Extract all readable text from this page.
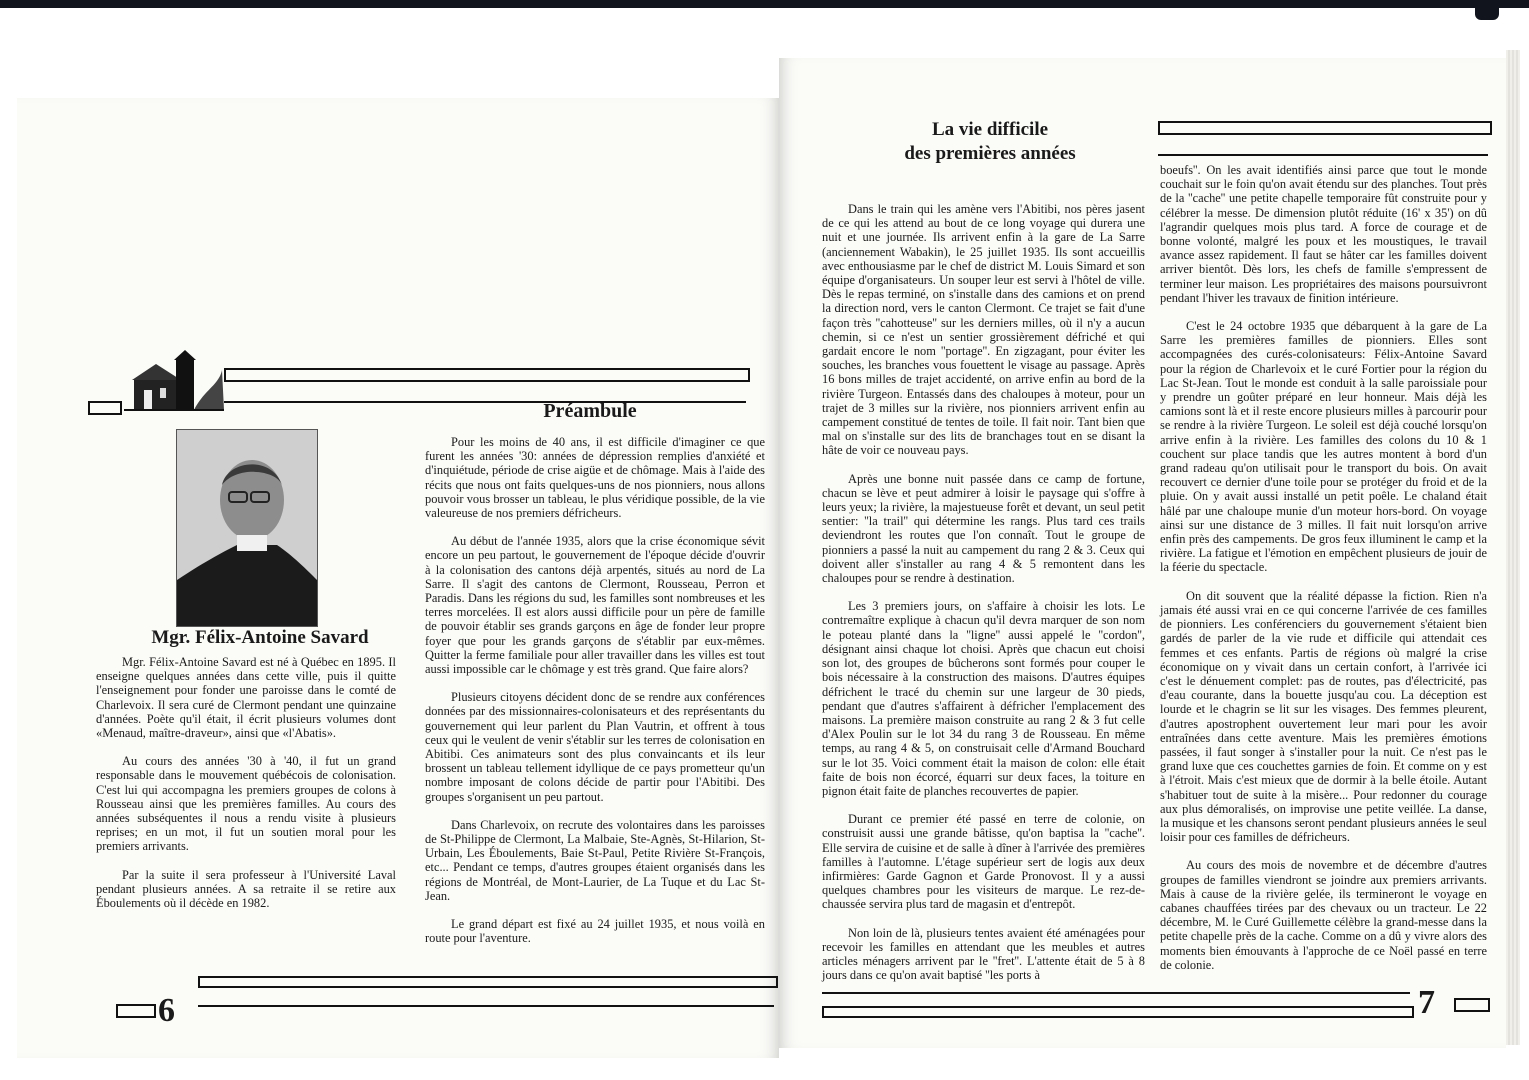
Mgr. Félix-Antoine Savard

Mgr. Félix-Antoine Savard est né à Québec en 1895. Il enseigne quelques années dans cette ville, puis il quitte l'enseignement pour fonder une paroisse dans le comté de Charlevoix. Il sera curé de Clermont pendant une quinzaine d'années. Poète qu'il était, il écrit plusieurs volumes dont «Menaud, maître-draveur», ainsi que «l'Abatis».

Au cours des années '30 à '40, il fut un grand responsable dans le mouvement québécois de colonisation. C'est lui qui accompagna les premiers groupes de colons à Rousseau ainsi que les premières familles. Au cours des années subséquentes il nous a rendu visite à plusieurs reprises; en un mot, il fut un soutien moral pour les premiers arrivants.

Par la suite il sera professeur à l'Université Laval pendant plusieurs années. A sa retraite il se retire aux Éboulements où il décède en 1982.

Préambule

Pour les moins de 40 ans, il est difficile d'imaginer ce que furent les années '30: années de dépression remplies d'anxiété et d'inquiétude, période de crise aigüe et de chômage. Mais à l'aide des récits que nous ont faits quelques-uns de nos pionniers, nous allons pouvoir vous brosser un tableau, le plus véridique possible, de la vie valeureuse de nos premiers défricheurs.

Au début de l'année 1935, alors que la crise économique sévit encore un peu partout, le gouvernement de l'époque décide d'ouvrir à la colonisation des cantons déjà arpentés, situés au nord de La Sarre. Il s'agit des cantons de Clermont, Rousseau, Perron et Paradis. Dans les régions du sud, les familles sont nombreuses et les terres morcelées. Il est alors aussi difficile pour un père de famille de pouvoir établir ses grands garçons en âge de fonder leur propre foyer que pour les grands garçons de s'établir par eux-mêmes. Quitter la ferme familiale pour aller travailler dans les villes est tout aussi impossible car le chômage y est très grand. Que faire alors?

Plusieurs citoyens décident donc de se rendre aux conférences données par des missionnaires-colonisateurs et des représentants du gouvernement qui leur parlent du Plan Vautrin, et offrent à tous ceux qui le veulent de venir s'établir sur les terres de colonisation en Abitibi. Ces animateurs sont des plus convaincants et ils leur brossent un tableau tellement idyllique de ce pays prometteur qu'un nombre imposant de colons décide de partir pour l'Abitibi. Des groupes s'organisent un peu partout.

Dans Charlevoix, on recrute des volontaires dans les paroisses de St-Philippe de Clermont, La Malbaie, Ste-Agnès, St-Hilarion, St-Urbain, Les Éboulements, Baie St-Paul, Petite Rivière St-François, etc... Pendant ce temps, d'autres groupes étaient organisés dans les régions de Montréal, de Mont-Laurier, de La Tuque et du Lac St-Jean.

Le grand départ est fixé au 24 juillet 1935, et nous voilà en route pour l'aventure.

6
La vie difficile
des premières années

Dans le train qui les amène vers l'Abitibi, nos pères jasent de ce qui les attend au bout de ce long voyage qui durera une nuit et une journée. Ils arrivent enfin à la gare de La Sarre (anciennement Wabakin), le 25 juillet 1935. Ils sont accueillis avec enthousiasme par le chef de district M. Louis Simard et son équipe d'organisateurs. Un souper leur est servi à l'hôtel de ville. Dès le repas terminé, on s'installe dans des camions et on prend la direction nord, vers le canton Clermont. Ce trajet se fait d'une façon très ''cahotteuse'' sur les derniers milles, où il n'y a aucun chemin, si ce n'est un sentier grossièrement défriché et qui gardait encore le nom ''portage''. En zigzagant, pour éviter les souches, les branches vous fouettent le visage au passage. Après 16 bons milles de trajet accidenté, on arrive enfin au bord de la rivière Turgeon. Entassés dans des chaloupes à moteur, pour un trajet de 3 milles sur la rivière, nos pionniers arrivent enfin au campement constitué de tentes de toile. Il fait noir. Tant bien que mal on s'installe sur des lits de branchages tout en se disant la hâte de voir ce nouveau pays.

Après une bonne nuit passée dans ce camp de fortune, chacun se lève et peut admirer à loisir le paysage qui s'offre à leurs yeux; la rivière, la majestueuse forêt et devant, un seul petit sentier: ''la trail'' qui détermine les rangs. Plus tard ces trails deviendront les routes que l'on connaît. Tout le groupe de pionniers a passé la nuit au campement du rang 2 & 3. Ceux qui doivent aller s'installer au rang 4 & 5 remontent dans les chaloupes pour se rendre à destination.

Les 3 premiers jours, on s'affaire à choisir les lots. Le contremaître explique à chacun qu'il devra marquer de son nom le poteau planté dans la ''ligne'' aussi appelé le ''cordon'', désignant ainsi chaque lot choisi. Après que chacun eut choisi son lot, des groupes de bûcherons sont formés pour couper le bois nécessaire à la construction des maisons. D'autres équipes défrichent le tracé du chemin sur une largeur de 30 pieds, pendant que d'autres s'affairent à défricher l'emplacement des maisons. La première maison construite au rang 2 & 3 fut celle d'Alex Poulin sur le lot 34 du rang 3 de Rousseau. En même temps, au rang 4 & 5, on construisait celle d'Armand Bouchard sur le lot 35. Voici comment était la maison de colon: elle était faite de bois non écorcé, équarri sur deux faces, la toiture en pignon était faite de planches recouvertes de papier.

Durant ce premier été passé en terre de colonie, on construisit aussi une grande bâtisse, qu'on baptisa la ''cache''. Elle servira de cuisine et de salle à dîner à l'arrivée des premières familles à l'automne. L'étage supérieur sert de logis aux deux infirmières: Garde Gagnon et Garde Pronovost. Il y a aussi quelques chambres pour les visiteurs de marque. Le rez-de-chaussée servira plus tard de magasin et d'entrepôt.

Non loin de là, plusieurs tentes avaient été aménagées pour recevoir les familles en attendant que les meubles et autres articles ménagers arrivent par le ''fret''. L'attente était de 5 à 8 jours dans ce qu'on avait baptisé ''les ports à

boeufs''. On les avait identifiés ainsi parce que tout le monde couchait sur le foin qu'on avait étendu sur des planches. Tout près de la ''cache'' une petite chapelle temporaire fût construite pour y célébrer la messe. De dimension plutôt réduite (16' x 35') on dû l'agrandir quelques mois plus tard. A force de courage et de bonne volonté, malgré les poux et les moustiques, le travail avance assez rapidement. Il faut se hâter car les familles doivent arriver bientôt. Dès lors, les chefs de famille s'empressent de terminer leur maison. Les propriétaires des maisons poursuivront pendant l'hiver les travaux de finition intérieure.

C'est le 24 octobre 1935 que débarquent à la gare de La Sarre les premières familles de pionniers. Elles sont accompagnées des curés-colonisateurs: Félix-Antoine Savard pour la région de Charlevoix et le curé Fortier pour la région du Lac St-Jean. Tout le monde est conduit à la salle paroissiale pour y prendre un goûter préparé en leur honneur. Mais déjà les camions sont là et il reste encore plusieurs milles à parcourir pour se rendre à la rivière Turgeon. Le soleil est déjà couché lorsqu'on arrive enfin à la rivière. Les familles des colons du 10 & 1 couchent sur place tandis que les autres montent à bord d'un grand radeau qu'on utilisait pour le transport du bois. On avait recouvert ce dernier d'une toile pour se protéger du froid et de la pluie. On y avait aussi installé un petit poêle. Le chaland était hâlé par une chaloupe munie d'un moteur hors-bord. On voyage ainsi sur une distance de 3 milles. Il fait nuit lorsqu'on arrive enfin près des campements. De gros feux illuminent le camp et la rivière. La fatigue et l'émotion en empêchent plusieurs de jouir de la féerie du spectacle.

On dit souvent que la réalité dépasse la fiction. Rien n'a jamais été aussi vrai en ce qui concerne l'arrivée de ces familles de pionniers. Les conférenciers du gouvernement s'étaient bien gardés de parler de la vie rude et difficile qui attendait ces femmes et ces enfants. Partis de régions où malgré la crise économique on y vivait dans un certain confort, à l'arrivée ici c'est le dénuement complet: pas de routes, pas d'électricité, pas d'eau courante, dans la bouette jusqu'au cou. La déception est lourde et le chagrin se lit sur les visages. Des femmes pleurent, d'autres apostrophent ouvertement leur mari pour les avoir entraînées dans cette aventure. Mais les premières émotions passées, il faut songer à s'installer pour la nuit. Ce n'est pas le grand luxe que ces couchettes garnies de foin. Et comme on y est à l'étroit. Mais c'est mieux que de dormir à la belle étoile. Autant s'habituer tout de suite à la misère... Pour redonner du courage aux plus démoralisés, on improvise une petite veillée. La danse, la musique et les chansons seront pendant plusieurs années le seul loisir pour ces familles de défricheurs.

Au cours des mois de novembre et de décembre d'autres groupes de familles viendront se joindre aux premiers arrivants. Mais à cause de la rivière gelée, ils termineront le voyage en cabanes chauffées tirées par des chevaux ou un tracteur. Le 22 décembre, M. le Curé Guillemette célèbre la grand-messe dans la petite chapelle près de la cache. Comme on a dû y vivre alors des moments bien émouvants à l'approche de ce Noël passé en terre de colonie.

7
